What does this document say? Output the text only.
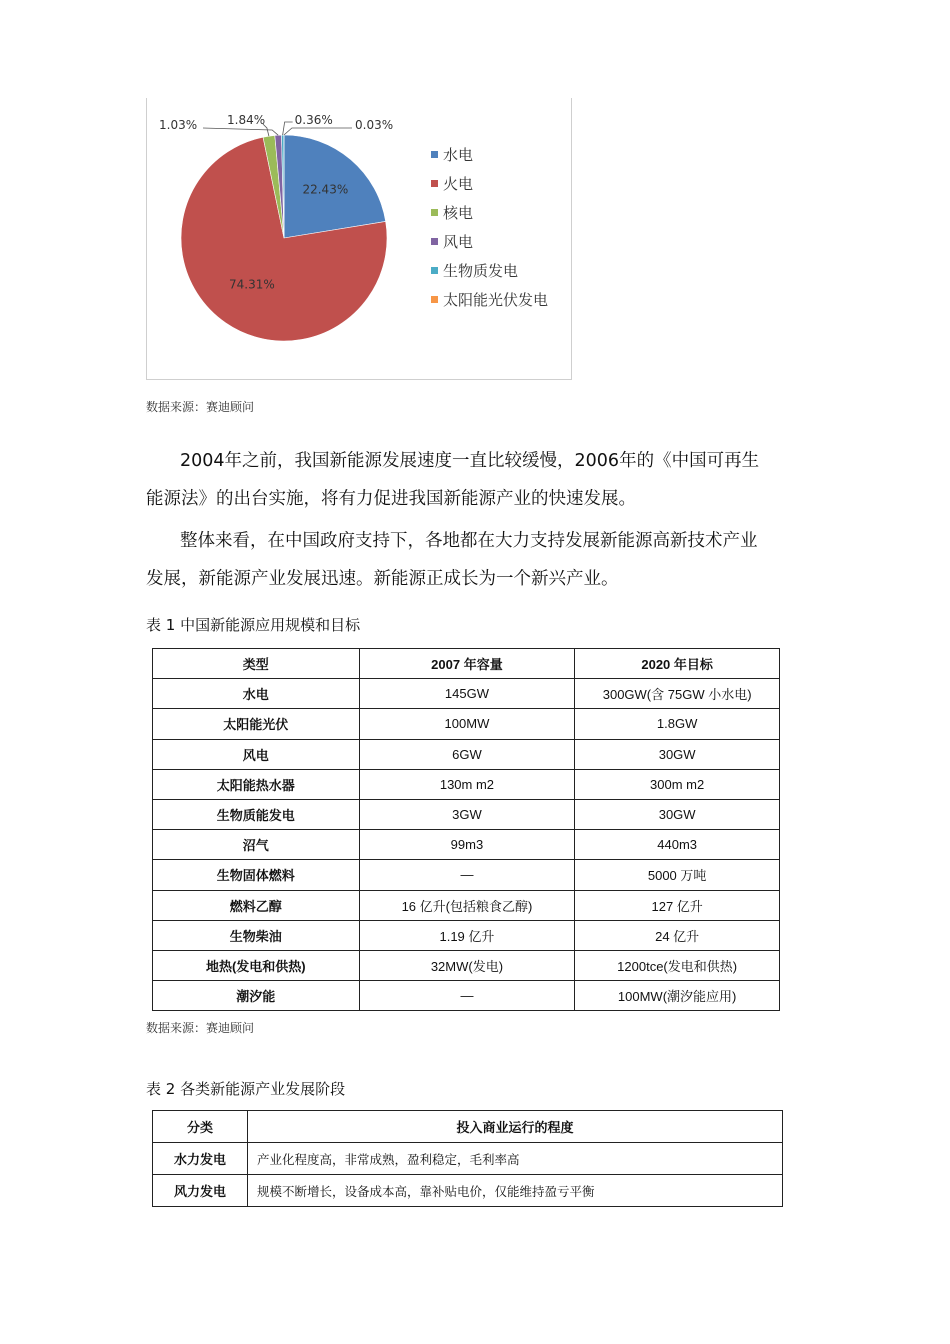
22.43%
74.31%
1.84%
1.03%	0.36% 0.03%
水电
火电
核电
风电
生物质发电
太阳能光伏发电
数据来源：赛迪顾问
2004年之前，我国新能源发展速度一直比较缓慢，2006年的《中国可再生
能源法》的出台实施，将有力促进我国新能源产业的快速发展。
整体来看，在中国政府支持下，各地都在大力支持发展新能源高新技术产业
发展，新能源产业发展迅速。新能源正成长为一个新兴产业。
表 1 中国新能源应用规模和目标
类型	2007 年容量	2020 年目标
水电	145GW	300GW(含 75GW 小水电)
太阳能光伏	100MW	1.8GW
风电	6GW	30GW
太阳能热水器	130m m2	300m m2
生物质能发电	3GW	30GW
沼气	99m3	440m3
生物固体燃料	—	5000 万吨
燃料乙醇	16 亿升(包括粮食乙醇)	127 亿升
生物柴油	1.19 亿升	24 亿升
地热(发电和供热)	32MW(发电)	1200tce(发电和供热)
潮汐能	—	100MW(潮汐能应用)
数据来源：赛迪顾问
表 2 各类新能源产业发展阶段
分类	投入商业运行的程度
水力发电	产业化程度高，非常成熟，盈利稳定，毛利率高
风力发电	规模不断增长，设备成本高，靠补贴电价，仅能维持盈亏平衡
